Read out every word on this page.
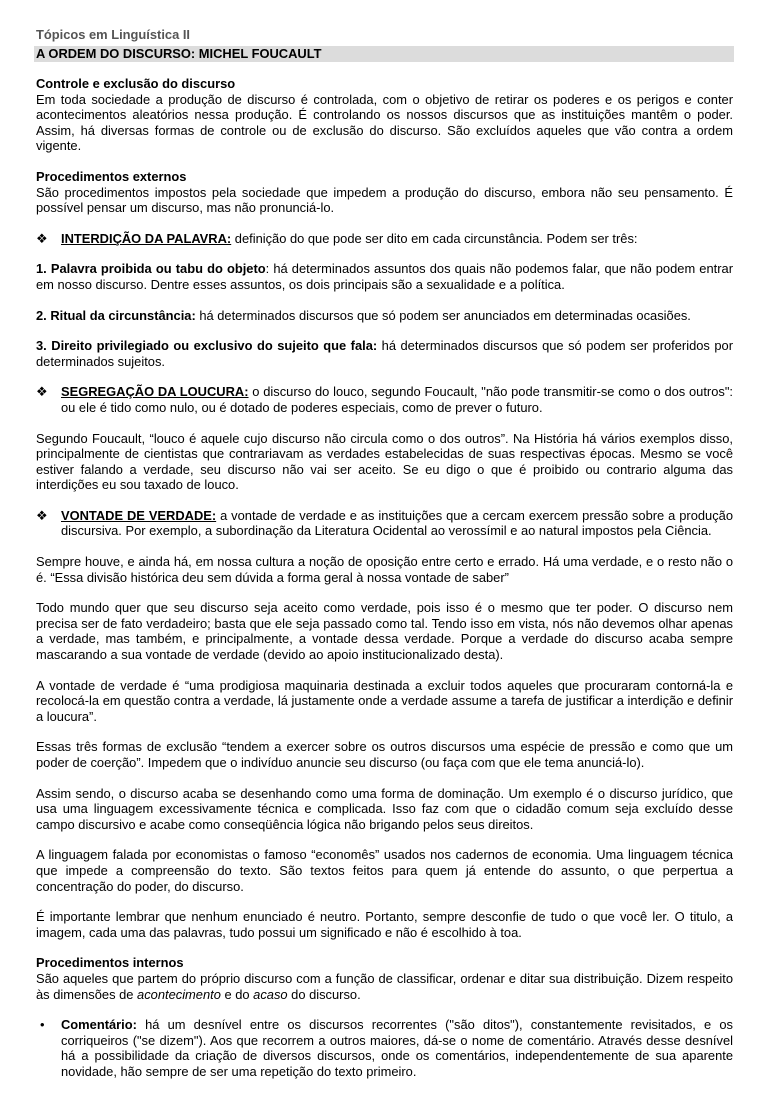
Tópicos em Linguística II
A ORDEM DO DISCURSO: MICHEL FOUCAULT

Controle e exclusão do discurso
Em toda sociedade a produção de discurso é controlada, com o objetivo de retirar os poderes e os perigos e conter acontecimentos aleatórios nessa produção. É controlando os nossos discursos que as instituições mantêm o poder. Assim, há diversas formas de controle ou de exclusão do discurso. São excluídos aqueles que vão contra a ordem vigente.

Procedimentos externos
São procedimentos impostos pela sociedade que impedem a produção do discurso, embora não seu pensamento. É possível pensar um discurso, mas não pronunciá-lo.

❖	INTERDIÇÃO DA PALAVRA: definição do que pode ser dito em cada circunstância. Podem ser três:

1. Palavra proibida ou tabu do objeto: há determinados assuntos dos quais não podemos falar, que não podem entrar em nosso discurso. Dentre esses assuntos, os dois principais são a sexualidade e a política.

2. Ritual da circunstância: há determinados discursos que só podem ser anunciados em determinadas ocasiões.

3. Direito privilegiado ou exclusivo do sujeito que fala: há determinados discursos que só podem ser proferidos por determinados sujeitos.

❖	SEGREGAÇÃO DA LOUCURA: o discurso do louco, segundo Foucault, "não pode transmitir-se como o dos outros": ou ele é tido como nulo, ou é dotado de poderes especiais, como de prever o futuro.

Segundo Foucault, “louco é aquele cujo discurso não circula como o dos outros”. Na História há vários exemplos disso, principalmente de cientistas que contrariavam as verdades estabelecidas de suas respectivas épocas. Mesmo se você estiver falando a verdade, seu discurso não vai ser aceito. Se eu digo o que é proibido ou contrario alguma das interdições eu sou taxado de louco.

❖	VONTADE DE VERDADE: a vontade de verdade e as instituições que a cercam exercem pressão sobre a produção discursiva. Por exemplo, a subordinação da Literatura Ocidental ao verossímil e ao natural impostos pela Ciência.

Sempre houve, e ainda há, em nossa cultura a noção de oposição entre certo e errado. Há uma verdade, e o resto não o é. “Essa divisão histórica deu sem dúvida a forma geral à nossa vontade de saber”

Todo mundo quer que seu discurso seja aceito como verdade, pois isso é o mesmo que ter poder. O discurso nem precisa ser de fato verdadeiro; basta que ele seja passado como tal. Tendo isso em vista, nós não devemos olhar apenas a verdade, mas também, e principalmente, a vontade dessa verdade. Porque a verdade do discurso acaba sempre mascarando a sua vontade de verdade (devido ao apoio institucionalizado desta).

A vontade de verdade é “uma prodigiosa maquinaria destinada a excluir todos aqueles que procuraram contorná-la e recolocá-la em questão contra a verdade, lá justamente onde a verdade assume a tarefa de justificar a interdição e definir a loucura”.

Essas três formas de exclusão “tendem a exercer sobre os outros discursos uma espécie de pressão e como que um poder de coerção”. Impedem que o indivíduo anuncie seu discurso (ou faça com que ele tema anunciá-lo).

Assim sendo, o discurso acaba se desenhando como uma forma de dominação. Um exemplo é o discurso jurídico, que usa uma linguagem excessivamente técnica e complicada. Isso faz com que o cidadão comum seja excluído desse campo discursivo e acabe como conseqüência lógica não brigando pelos seus direitos.

A linguagem falada por economistas o famoso “economês” usados nos cadernos de economia. Uma linguagem técnica que impede a compreensão do texto. São textos feitos para quem já entende do assunto, o que perpertua a concentração do poder, do discurso.

É importante lembrar que nenhum enunciado é neutro. Portanto, sempre desconfie de tudo o que você ler. O titulo, a imagem, cada uma das palavras, tudo possui um significado e não é escolhido à toa.

Procedimentos internos
São aqueles que partem do próprio discurso com a função de classificar, ordenar e ditar sua distribuição. Dizem respeito às dimensões de acontecimento e do acaso do discurso.

• Comentário: há um desnível entre os discursos recorrentes ("são ditos"), constantemente revisitados, e os corriqueiros ("se dizem"). Aos que recorrem a outros maiores, dá-se o nome de comentário. Através desse desnível há a possibilidade da criação de diversos discursos, onde os comentários, independentemente de sua aparente novidade, hão sempre de ser uma repetição do texto primeiro.
